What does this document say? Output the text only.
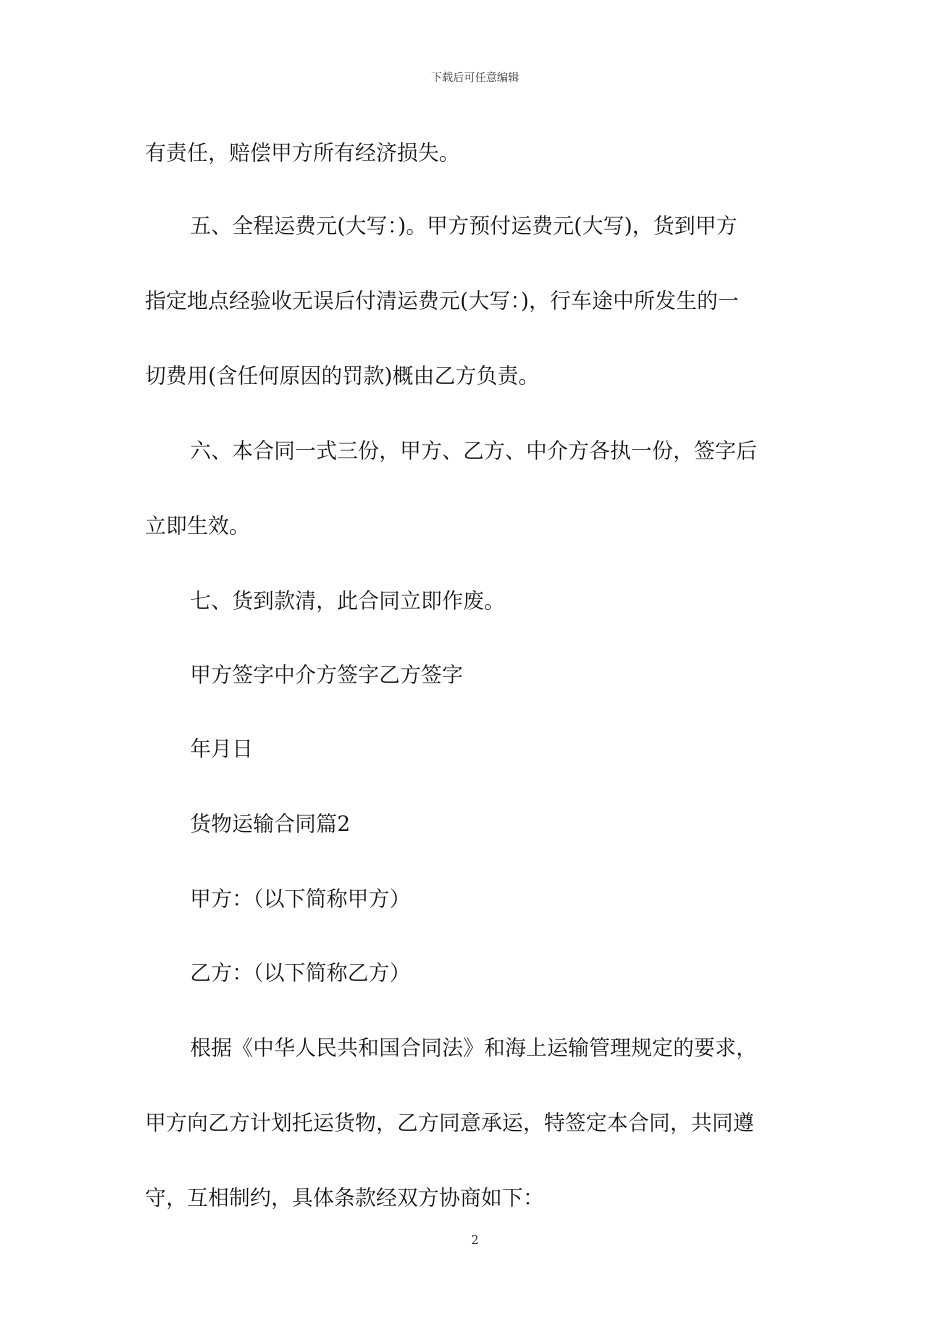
下载后可任意编辑
有责任，赔偿甲方所有经济损失。
五、全程运费元(大写：)。甲方预付运费元(大写)，货到甲方
指定地点经验收无误后付清运费元(大写：)，行车途中所发生的一
切费用(含任何原因的罚款)概由乙方负责。
六、本合同一式三份，甲方、乙方、中介方各执一份，签字后
立即生效。
七、货到款清，此合同立即作废。
甲方签字中介方签字乙方签字
年月日
货物运输合同篇2
甲方：（以下简称甲方）
乙方：（以下简称乙方）
根据《中华人民共和国合同法》和海上运输管理规定的要求，
甲方向乙方计划托运货物，乙方同意承运，特签定本合同，共同遵
守，互相制约，具体条款经双方协商如下：
2
